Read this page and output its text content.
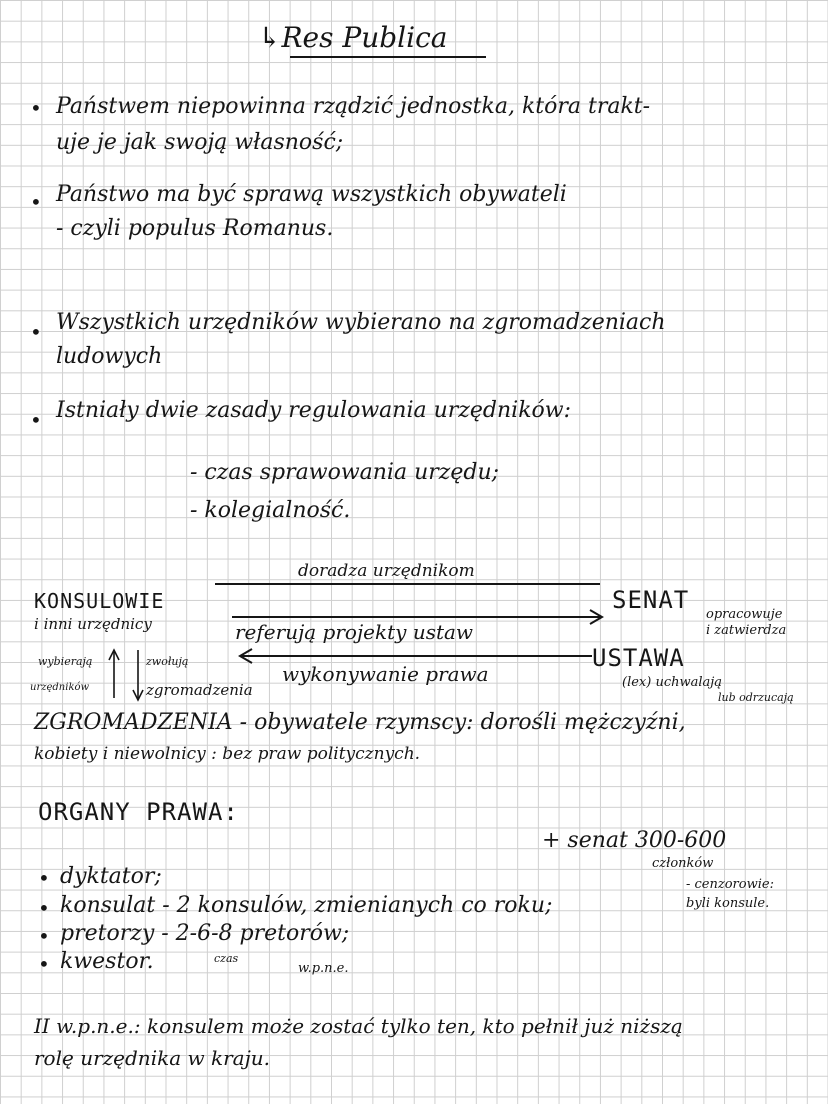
↳Res Publica
• Państwem niepowinna rządzić jednostka, która trakt-
uje je jak swoją własność;
• Państwo ma być sprawą wszystkich obywateli
- czyli populus Romanus.
• Wszystkich urzędników wybierano na zgromadzeniach
ludowych
• Istniały dwie zasady regulowania urzędników:
- czas sprawowania urzędu;
- kolegialność.
doradza urzędnikom
KONSULOWIE
i inni urzędnicy
SENAT
opracowuje
i zatwierdza
referują projekty ustaw
wykonywanie prawa
USTAWA
(lex) uchwalają
lub odrzucają
wybierają
urzędników
zwołują
zgromadzenia
ZGROMADZENIA - obywatele rzymscy: dorośli mężczyźni,
kobiety i niewolnicy : bez praw politycznych.
ORGANY PRAWA:
+ senat 300-600
członków
• dyktator;
• konsulat - 2 konsulów, zmienianych co roku;
• pretorzy - 2-6-8 pretorów;
• kwestor.
- cenzorowie:
byli konsule.
czas
w.p.n.e.
II w.p.n.e.: konsulem może zostać tylko ten, kto pełnił już niższą
rolę urzędnika w kraju.
